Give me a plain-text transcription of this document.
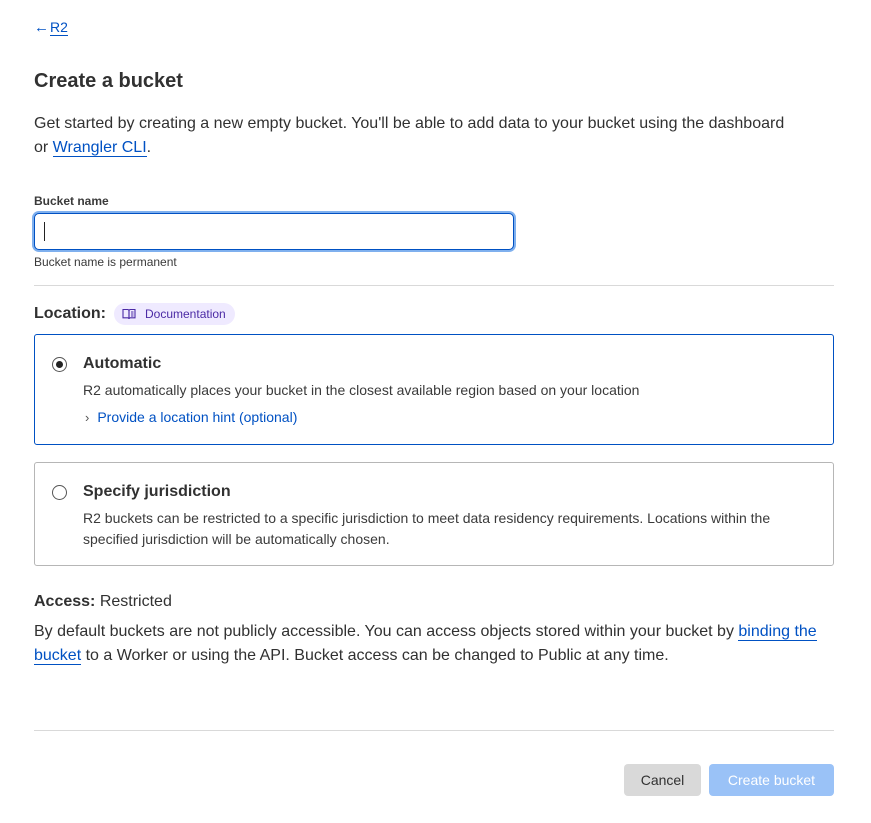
← R2
Create a bucket

Get started by creating a new empty bucket. You'll be able to add data to your bucket using the dashboard or Wrangler CLI.

Bucket name
Bucket name is permanent
Location:	Documentation
Automatic
R2 automatically places your bucket in the closest available region based on your location
› Provide a location hint (optional)
Specify jurisdiction
R2 buckets can be restricted to a specific jurisdiction to meet data residency requirements. Locations within the specified jurisdiction will be automatically chosen.
Access: Restricted

By default buckets are not publicly accessible. You can access objects stored within your bucket by binding the bucket to a Worker or using the API. Bucket access can be changed to Public at any time.

Cancel	Create bucket
